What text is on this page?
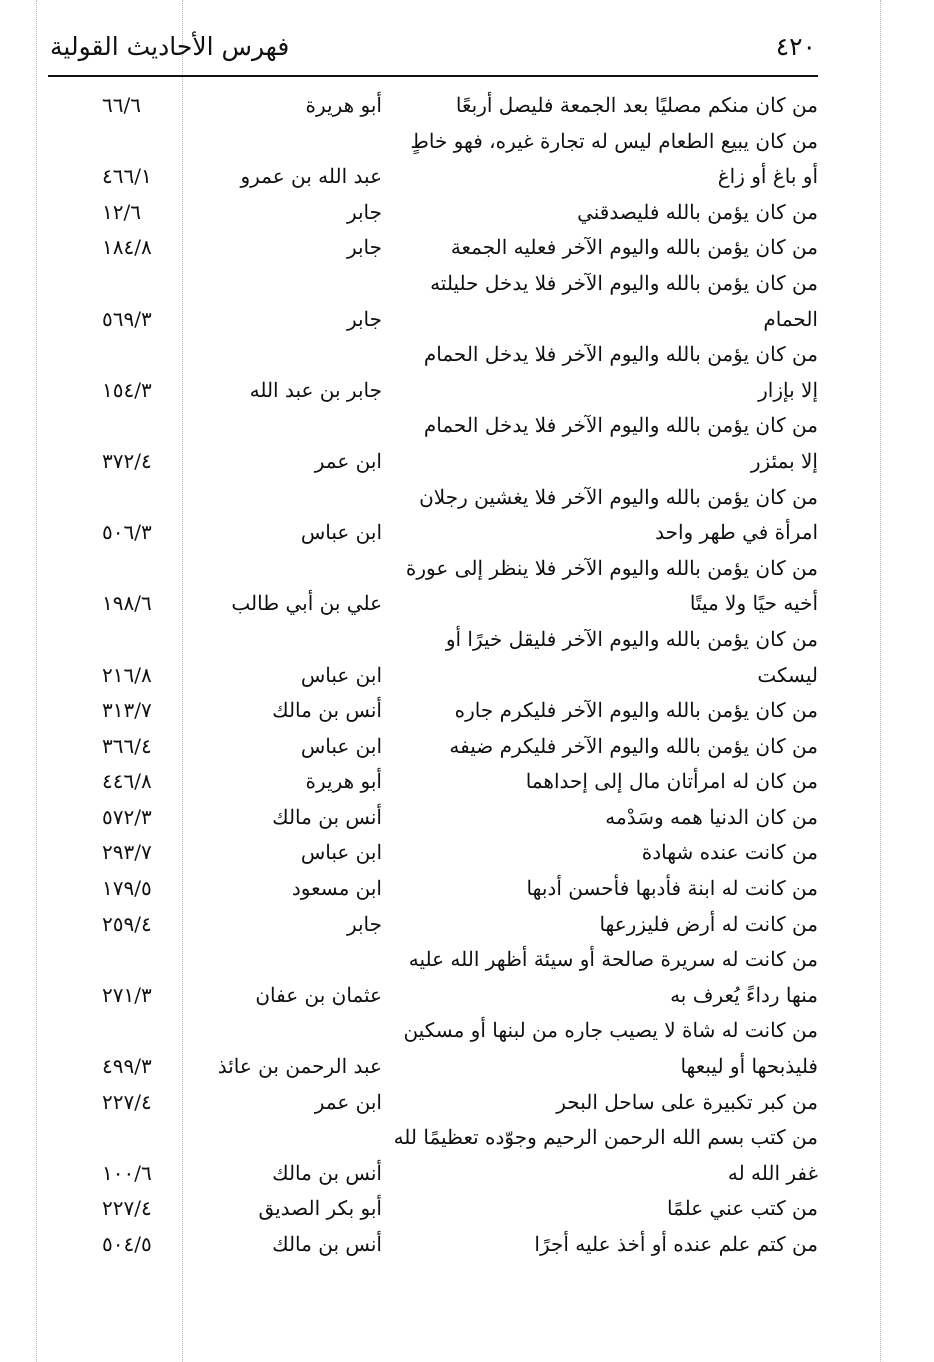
٤٢٠
فهرس الأحاديث القولية
من كان منكم مصليًا بعد الجمعة فليصل أربعًا
أبو هريرة
٦٦/٦
من كان يبيع الطعام ليس له تجارة غيره، فهو خاطٍ
أو باغ أو زاغ
عبد الله بن عمرو
٤٦٦/١
من كان يؤمن بالله فليصدقني
جابر
١٢/٦
من كان يؤمن بالله واليوم الآخر فعليه الجمعة
جابر
١٨٤/٨
من كان يؤمن بالله واليوم الآخر فلا يدخل حليلته
الحمام
جابر
٥٦٩/٣
من كان يؤمن بالله واليوم الآخر فلا يدخل الحمام
إلا بإزار
جابر بن عبد الله
١٥٤/٣
من كان يؤمن بالله واليوم الآخر فلا يدخل الحمام
إلا بمئزر
ابن عمر
٣٧٢/٤
من كان يؤمن بالله واليوم الآخر فلا يغشين رجلان
امرأة في طهر واحد
ابن عباس
٥٠٦/٣
من كان يؤمن بالله واليوم الآخر فلا ينظر إلى عورة
أخيه حيًا ولا ميتًا
علي بن أبي طالب
١٩٨/٦
من كان يؤمن بالله واليوم الآخر فليقل خيرًا أو
ليسكت
ابن عباس
٢١٦/٨
من كان يؤمن بالله واليوم الآخر فليكرم جاره
أنس بن مالك
٣١٣/٧
من كان يؤمن بالله واليوم الآخر فليكرم ضيفه
ابن عباس
٣٦٦/٤
من كان له امرأتان مال إلى إحداهما
أبو هريرة
٤٤٦/٨
من كان الدنيا همه وسَدْمه
أنس بن مالك
٥٧٢/٣
من كانت عنده شهادة
ابن عباس
٢٩٣/٧
من كانت له ابنة فأدبها فأحسن أدبها
ابن مسعود
١٧٩/٥
من كانت له أرض فليزرعها
جابر
٢٥٩/٤
من كانت له سريرة صالحة أو سيئة أظهر الله عليه
منها رداءً يُعرف به
عثمان بن عفان
٢٧١/٣
من كانت له شاة لا يصيب جاره من لبنها أو مسكين
فليذبحها أو ليبعها
عبد الرحمن بن عائذ
٤٩٩/٣
من كبر تكبيرة على ساحل البحر
ابن عمر
٢٢٧/٤
من كتب بسم الله الرحمن الرحيم وجوّده تعظيمًا لله
غفر الله له
أنس بن مالك
١٠٠/٦
من كتب عني علمًا
أبو بكر الصديق
٢٢٧/٤
من كتم علم عنده أو أخذ عليه أجرًا
أنس بن مالك
٥٠٤/٥
